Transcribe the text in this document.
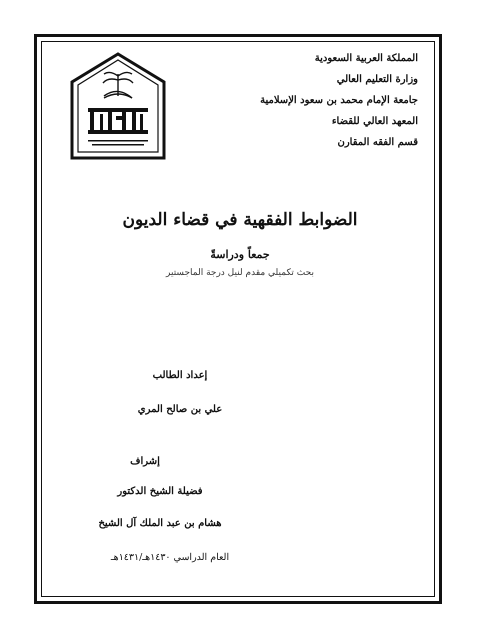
المملكة العربية السعودية
وزارة التعليم العالي
جامعة الإمام محمد بن سعود الإسلامية
المعهد العالي للقضاء
قسم الفقه المقارن
الضوابط الفقهية في قضاء الديون
جمعاً ودراسةً
بحث تكميلي مقدم لنيل درجة الماجستير
إعداد الطالب
علي بن صالح المري
إشراف
فضيلة الشيخ الدكتور
هشام بن عبد الملك آل الشيخ
العام الدراسي ١٤٣٠هـ/١٤٣١هـ
